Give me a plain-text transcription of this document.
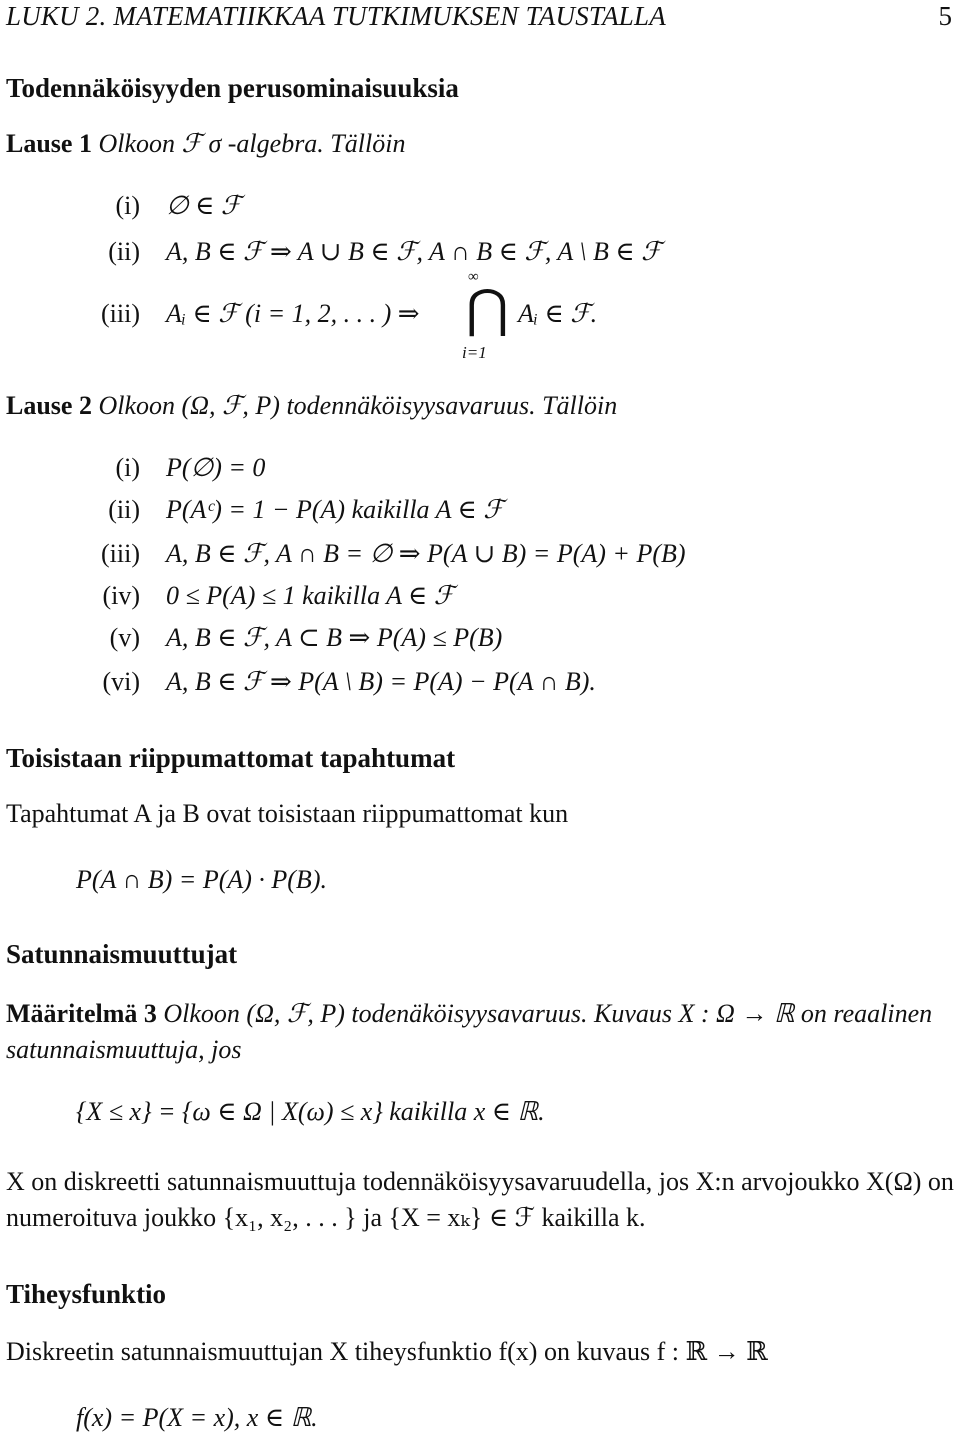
LUKU 2. MATEMATIIKKAA TUTKIMUKSEN TAUSTALLA	5
Todennäköisyyden perusominaisuuksia
Lause 1 Olkoon ℱ σ -algebra. Tällöin
(i) ∅ ∈ ℱ
(ii) A, B ∈ ℱ ⇒ A ∪ B ∈ ℱ, A ∩ B ∈ ℱ, A \ B ∈ ℱ
(iii) Aᵢ ∈ ℱ (i = 1, 2, . . . ) ⇒
∞
⋂
i=1
Aᵢ ∈ ℱ.
Lause 2 Olkoon (Ω, ℱ, P) todennäköisyysavaruus. Tällöin
(i) P(∅) = 0
(ii) P(Aᶜ) = 1 − P(A) kaikilla A ∈ ℱ
(iii) A, B ∈ ℱ, A ∩ B = ∅ ⇒ P(A ∪ B) = P(A) + P(B)
(iv) 0 ≤ P(A) ≤ 1 kaikilla A ∈ ℱ
(v) A, B ∈ ℱ, A ⊂ B ⇒ P(A) ≤ P(B)
(vi) A, B ∈ ℱ ⇒ P(A \ B) = P(A) − P(A ∩ B).
Toisistaan riippumattomat tapahtumat
Tapahtumat A ja B ovat toisistaan riippumattomat kun
P(A ∩ B) = P(A) · P(B).
Satunnaismuuttujat
Määritelmä 3 Olkoon (Ω, ℱ, P) todenäköisyysavaruus. Kuvaus X : Ω → ℝ on reaalinen satunnaismuuttuja, jos
{X ≤ x} = {ω ∈ Ω | X(ω) ≤ x} kaikilla x ∈ ℝ.
X on diskreetti satunnaismuuttuja todennäköisyysavaruudella, jos X:n arvojoukko X(Ω) on numeroituva joukko {x₁, x₂, . . . } ja {X = xₖ} ∈ ℱ kaikilla k.
Tiheysfunktio
Diskreetin satunnaismuuttujan X tiheysfunktio f(x) on kuvaus f : ℝ → ℝ
f(x) = P(X = x), x ∈ ℝ.
